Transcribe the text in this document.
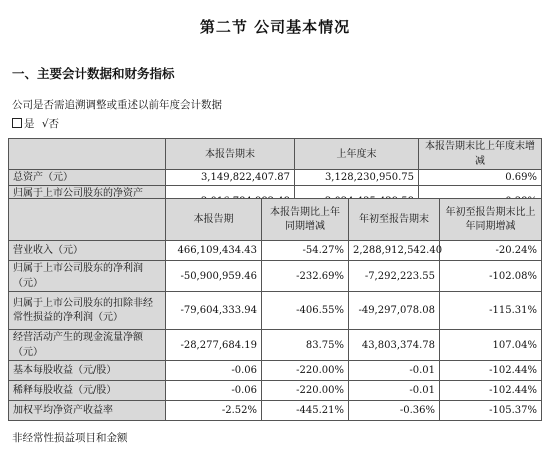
第二节 公司基本情况
一、主要会计数据和财务指标
公司是否需追溯调整或重述以前年度会计数据
是 √否
	本报告期末	上年度末	本报告期末比上年度末增减
总资产（元）	3,149,822,407.87	3,128,230,950.75	0.69%
归属于上市公司股东的净资产			
	本报告期	本报告期比上年同期增减	年初至报告期末	年初至报告期末比上年同期增减
营业收入（元）	466,109,434.43	-54.27%	2,288,912,542.40	-20.24%
归属于上市公司股东的净利润（元）	-50,900,959.46	-232.69%	-7,292,223.55	-102.08%
归属于上市公司股东的扣除非经常性损益的净利润（元）	-79,604,333.94	-406.55%	-49,297,078.08	-115.31%
经营活动产生的现金流量净额（元）	-28,277,684.19	83.75%	43,803,374.78	107.04%
基本每股收益（元/股）	-0.06	-220.00%	-0.01	-102.44%
稀释每股收益（元/股）	-0.06	-220.00%	-0.01	-102.44%
加权平均净资产收益率	-2.52%	-445.21%	-0.36%	-105.37%
非经常性损益项目和金额
